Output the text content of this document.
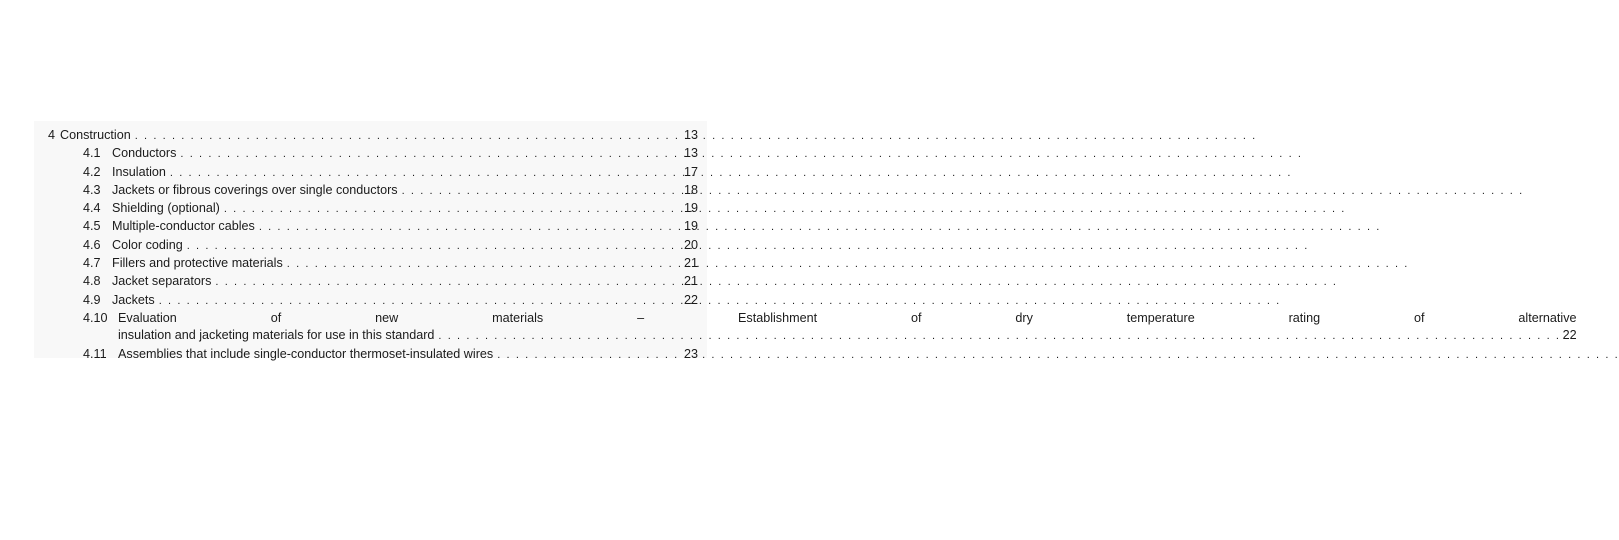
4 Construction . . .	13
4.1 Conductors . . .	13
4.2 Insulation . . .	17
4.3 Jackets or fibrous coverings over single conductors . . .	18
4.4 Shielding (optional) . . .	19
4.5 Multiple-conductor cables . . .	19
4.6 Color coding . . .	20
4.7 Fillers and protective materials . . .	21
4.8 Jacket separators . . .	21
4.9 Jackets . . .	22
4.10 Evaluation	of	new	materials	–	Establishment	of	dry	temperature	rating	of	alternative
insulation and jacketing materials for use in this standard . . .	22
4.11 Assemblies that include single-conductor thermoset-insulated wires . . .	23
